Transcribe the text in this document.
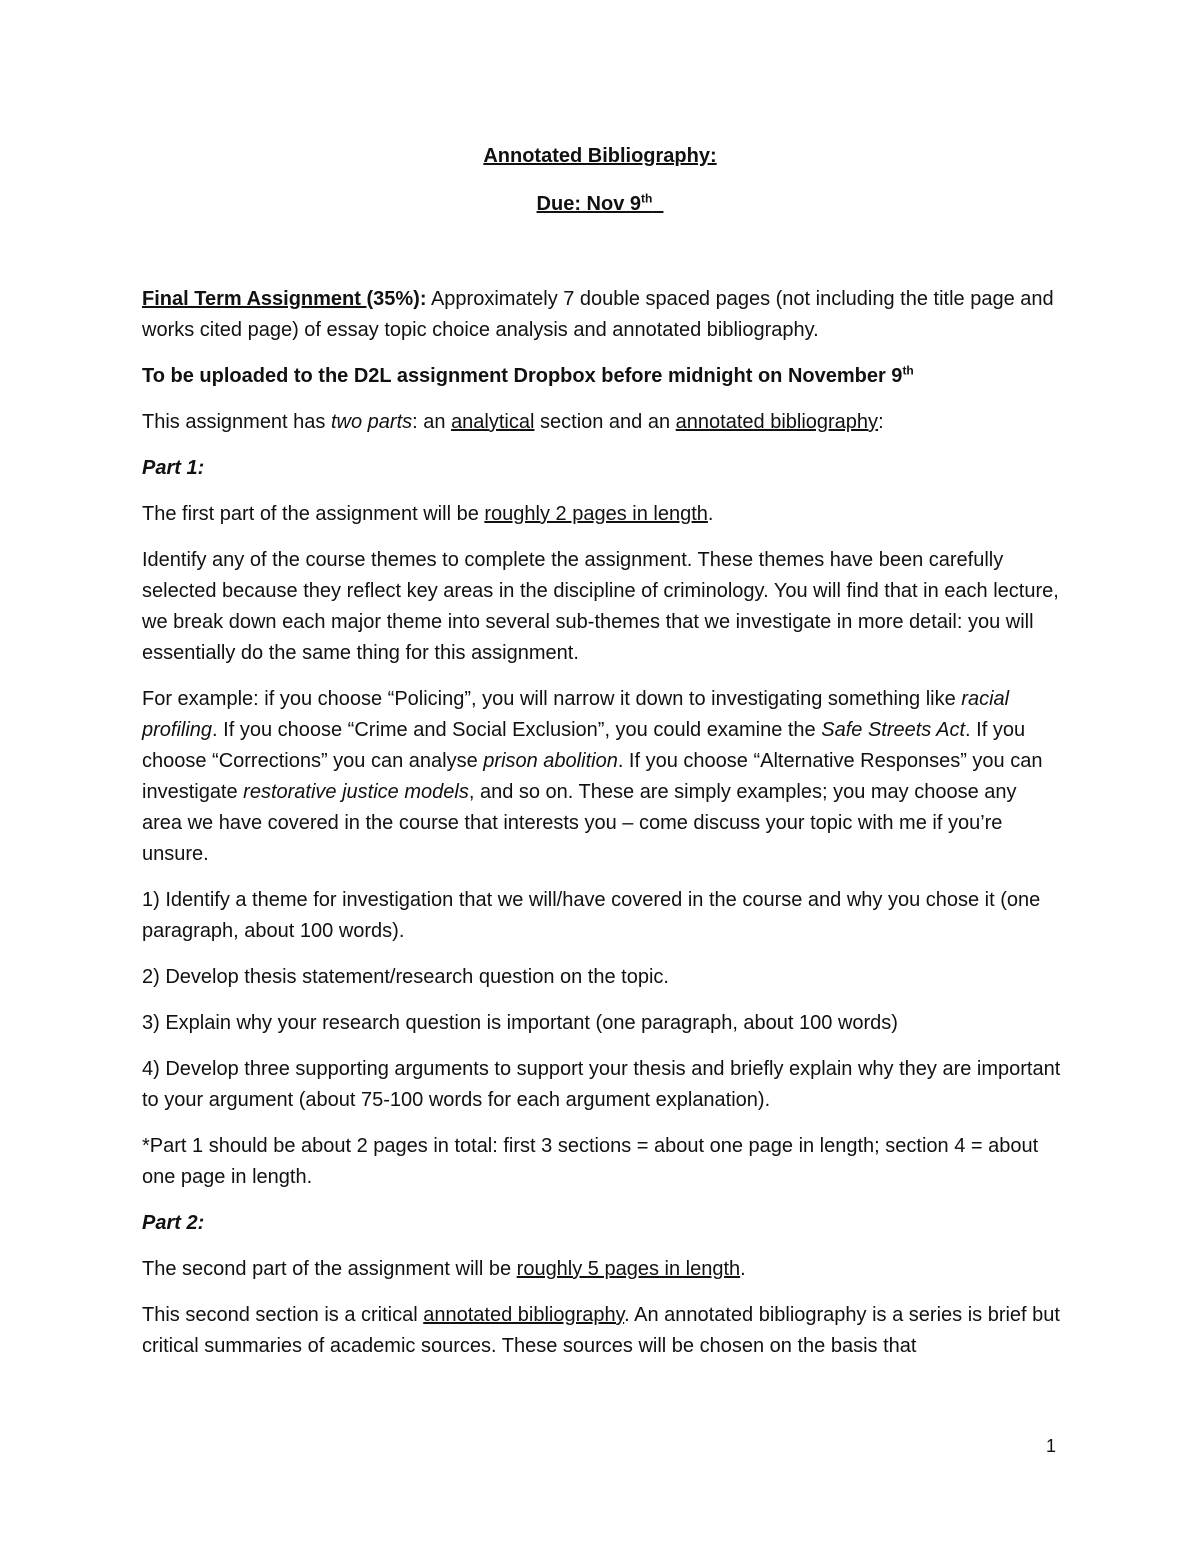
Annotated Bibliography:
Due: Nov 9th

Final Term Assignment (35%): Approximately 7 double spaced pages (not including the title page and works cited page) of essay topic choice analysis and annotated bibliography.

To be uploaded to the D2L assignment Dropbox before midnight on November 9th

This assignment has two parts: an analytical section and an annotated bibliography:

Part 1:

The first part of the assignment will be roughly 2 pages in length.

Identify any of the course themes to complete the assignment. These themes have been carefully selected because they reflect key areas in the discipline of criminology. You will find that in each lecture, we break down each major theme into several sub-themes that we investigate in more detail: you will essentially do the same thing for this assignment.

For example: if you choose “Policing”, you will narrow it down to investigating something like racial profiling. If you choose “Crime and Social Exclusion”, you could examine the Safe Streets Act. If you choose “Corrections” you can analyse prison abolition. If you choose “Alternative Responses” you can investigate restorative justice models, and so on. These are simply examples; you may choose any area we have covered in the course that interests you – come discuss your topic with me if you’re unsure.

1) Identify a theme for investigation that we will/have covered in the course and why you chose it (one paragraph, about 100 words).

2) Develop thesis statement/research question on the topic.

3) Explain why your research question is important (one paragraph, about 100 words)

4) Develop three supporting arguments to support your thesis and briefly explain why they are important to your argument (about 75-100 words for each argument explanation).

*Part 1 should be about 2 pages in total: first 3 sections = about one page in length; section 4 = about one page in length.

Part 2:

The second part of the assignment will be roughly 5 pages in length.

This second section is a critical annotated bibliography. An annotated bibliography is a series is brief but critical summaries of academic sources. These sources will be chosen on the basis that

1
